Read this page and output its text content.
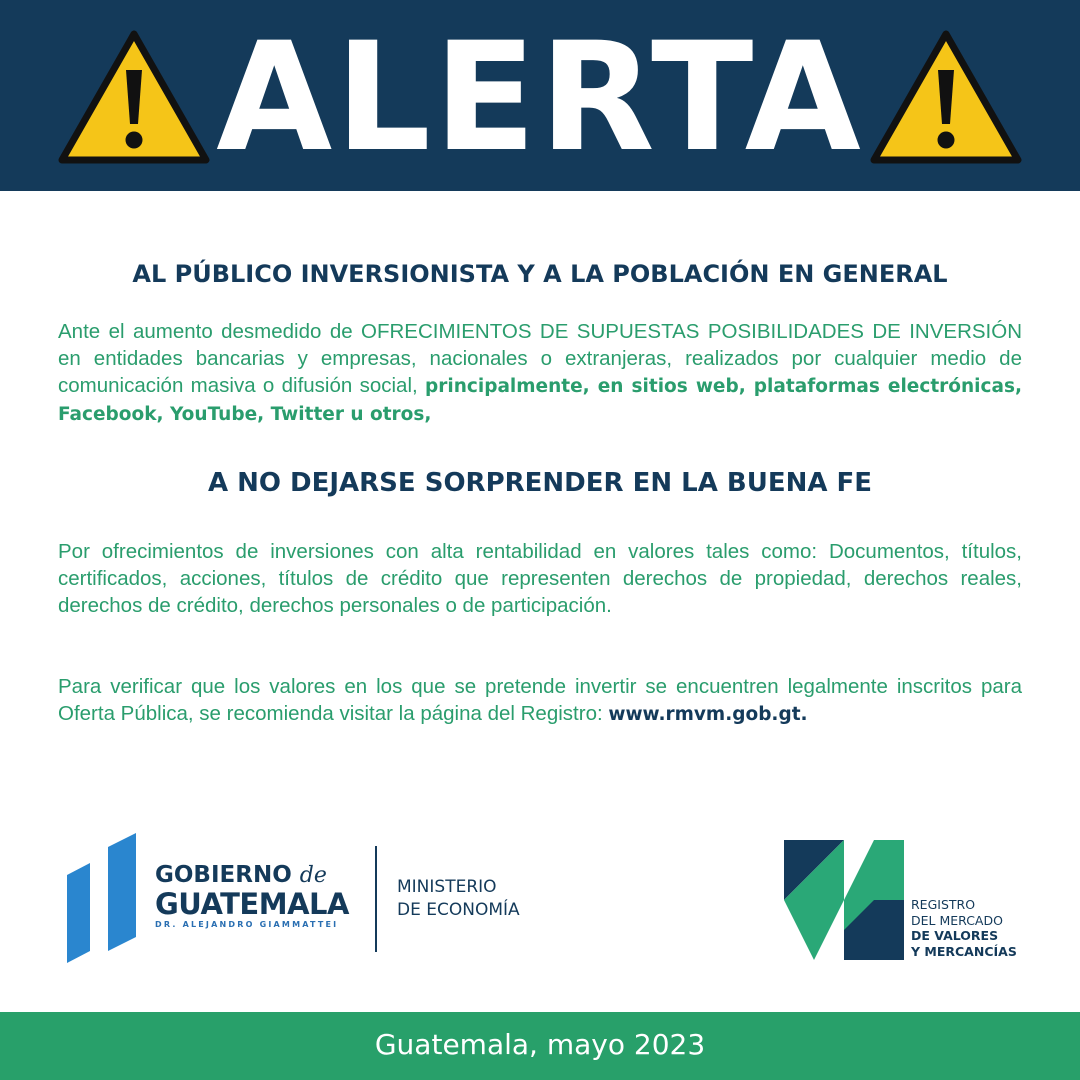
ALERTA
AL PÚBLICO INVERSIONISTA Y A LA POBLACIÓN EN GENERAL

Ante el aumento desmedido de OFRECIMIENTOS DE SUPUESTAS POSIBILIDADES DE INVERSIÓN en entidades bancarias y empresas, nacionales o extranjeras, realizados por cualquier medio de comunicación masiva o difusión social, principalmente, en sitios web, plataformas electrónicas, Facebook, YouTube, Twitter u otros,

A NO DEJARSE SORPRENDER EN LA BUENA FE

Por ofrecimientos de inversiones con alta rentabilidad en valores tales como: Documentos, títulos, certificados, acciones, títulos de crédito que representen derechos de propiedad, derechos reales, derechos de crédito, derechos personales o de participación.

Para verificar que los valores en los que se pretende invertir se encuentren legalmente inscritos para Oferta Pública, se recomienda visitar la página del Registro: www.rmvm.gob.gt.

GOBIERNO de
GUATEMALA
DR. ALEJANDRO GIAMMATTEI
MINISTERIO
DE ECONOMÍA	REGISTRO
DEL MERCADO
DE VALORES
Y MERCANCÍAS
Guatemala, mayo 2023
